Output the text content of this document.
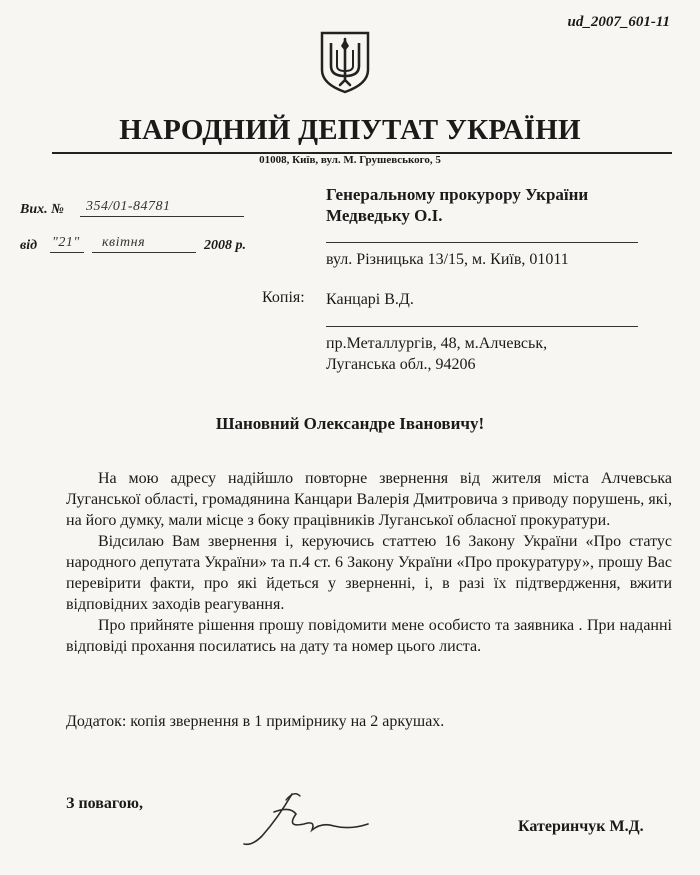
ud_2007_601-11
НАРОДНИЙ ДЕПУТАТ УКРАЇНИ
01008, Київ, вул. М. Грушевського, 5
Вих. № 354/01-84781
від "21" квітня	2008 р.
Генеральному прокурору України
Медведьку О.І.
вул. Різницька 13/15, м. Київ, 01011
Копія: Канцарі В.Д.
пр.Металлургів, 48, м.Алчевськ,
Луганська обл., 94206
Шановний Олександре Івановичу!

На мою адресу надійшло повторне звернення від жителя міста Алчевська Луганської області, громадянина Канцари Валерія Дмитровича з приводу порушень, які, на його думку, мали місце з боку працівників Луганської обласної прокуратури.

Відсилаю Вам звернення і, керуючись статтею 16 Закону України «Про статус народного депутата України» та п.4 ст. 6 Закону України «Про прокуратуру», прошу Вас перевірити факти, про які йдеться у зверненні, і, в разі їх підтвердження, вжити відповідних заходів реагування.

Про прийняте рішення прошу повідомити мене особисто та заявника . При наданні відповіді прохання посилатись на дату та номер цього листа.

Додаток: копія звернення в 1 примірнику на 2 аркушах.
З повагою,
Катеринчук М.Д.
